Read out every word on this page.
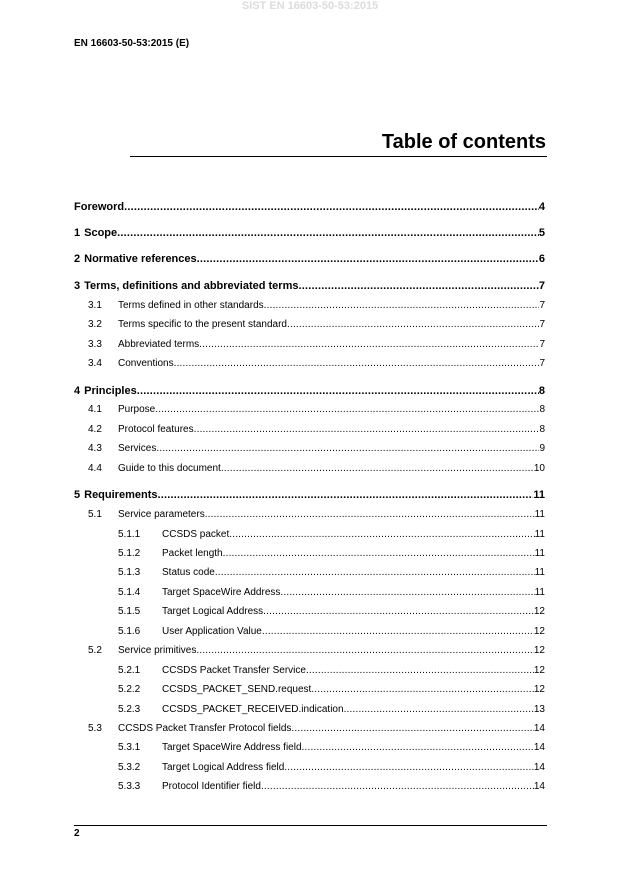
SIST EN 16603-50-53:2015
EN 16603-50-53:2015 (E)
Table of contents
Foreword .....	4
1 Scope .....	5
2 Normative references .....	6
3 Terms, definitions and abbreviated terms .....	7
3.1	Terms defined in other standards .....	7
3.2	Terms specific to the present standard .....	7
3.3	Abbreviated terms .....	7
3.4	Conventions .....	7
4 Principles .....	8
4.1	Purpose .....	8
4.2	Protocol features .....	8
4.3	Services .....	9
4.4	Guide to this document .....	10
5 Requirements .....	11
5.1	Service parameters .....	11
5.1.1	CCSDS packet .....	11
5.1.2	Packet length .....	11
5.1.3	Status code .....	11
5.1.4	Target SpaceWire Address .....	11
5.1.5	Target Logical Address .....	12
5.1.6	User Application Value .....	12
5.2	Service primitives .....	12
5.2.1	CCSDS Packet Transfer Service .....	12
5.2.2	CCSDS_PACKET_SEND.request .....	12
5.2.3	CCSDS_PACKET_RECEIVED.indication .....	13
5.3	CCSDS Packet Transfer Protocol fields .....	14
5.3.1	Target SpaceWire Address field .....	14
5.3.2	Target Logical Address field .....	14
5.3.3	Protocol Identifier field .....	14
2
